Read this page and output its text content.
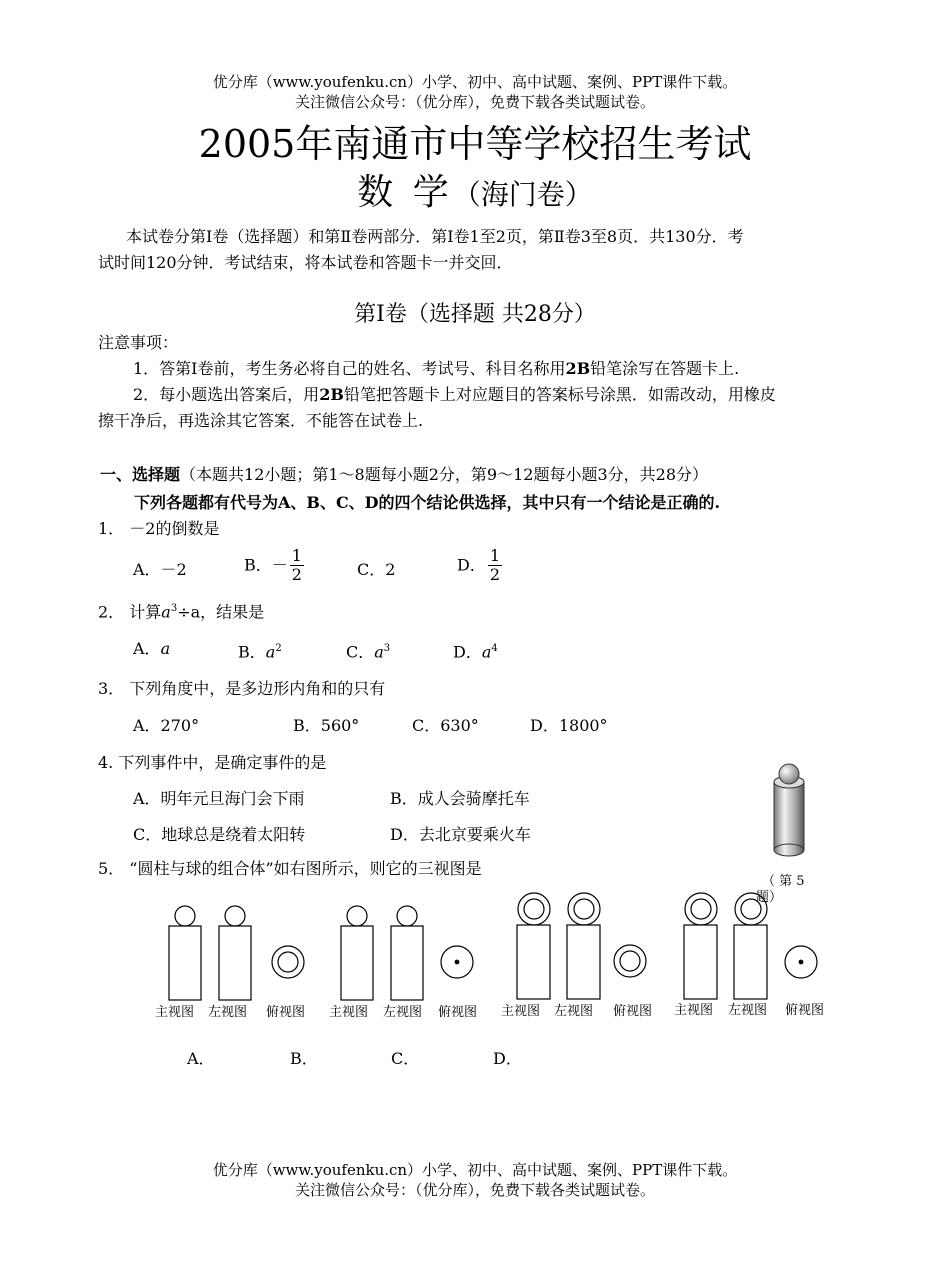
优分库（www.youfenku.cn）小学、初中、高中试题、案例、PPT课件下载。
关注微信公众号：（优分库），免费下载各类试题试卷。
2005年南通市中等学校招生考试
数 学（海门卷）
本试卷分第Ⅰ卷（选择题）和第Ⅱ卷两部分．第Ⅰ卷1至2页，第Ⅱ卷3至8页．共130分．考
试时间120分钟．考试结束，将本试卷和答题卡一并交回．
第Ⅰ卷（选择题 共28分）
注意事项：
1．答第Ⅰ卷前，考生务必将自己的姓名、考试号、科目名称用2B铅笔涂写在答题卡上.
2．每小题选出答案后，用2B铅笔把答题卡上对应题目的答案标号涂黑．如需改动，用橡皮
擦干净后，再选涂其它答案．不能答在试卷上.
一、选择题（本题共12小题；第1～8题每小题2分，第9～12题每小题3分，共28分）
下列各题都有代号为A、B、C、D的四个结论供选择，其中只有一个结论是正确的.
1． －2的倒数是
A．－2	B．－ $\frac{1}{2}$	C．2	D． $\frac{1}{2}$
2． 计算$a^3\div a$，结果是
A．a	B．$a^2$	C．$a^3$	D．$a^4$
3． 下列角度中，是多边形内角和的只有
A．270°	B．560°	C．630°	D．1800°
4. 下列事件中，是确定事件的是
A．明年元旦海门会下雨	B．成人会骑摩托车
C．地球总是绕着太阳转	D．去北京要乘火车
（ 第 5
题）
5． “圆柱与球的组合体”如右图所示，则它的三视图是
主视图 左视图 俯视图 主视图 左视图 俯视图 主视图 左视图 俯视图 主视图 左视图 俯视图
A．	B．	C．	D．
优分库（www.youfenku.cn）小学、初中、高中试题、案例、PPT课件下载。
关注微信公众号：（优分库），免费下载各类试题试卷。
